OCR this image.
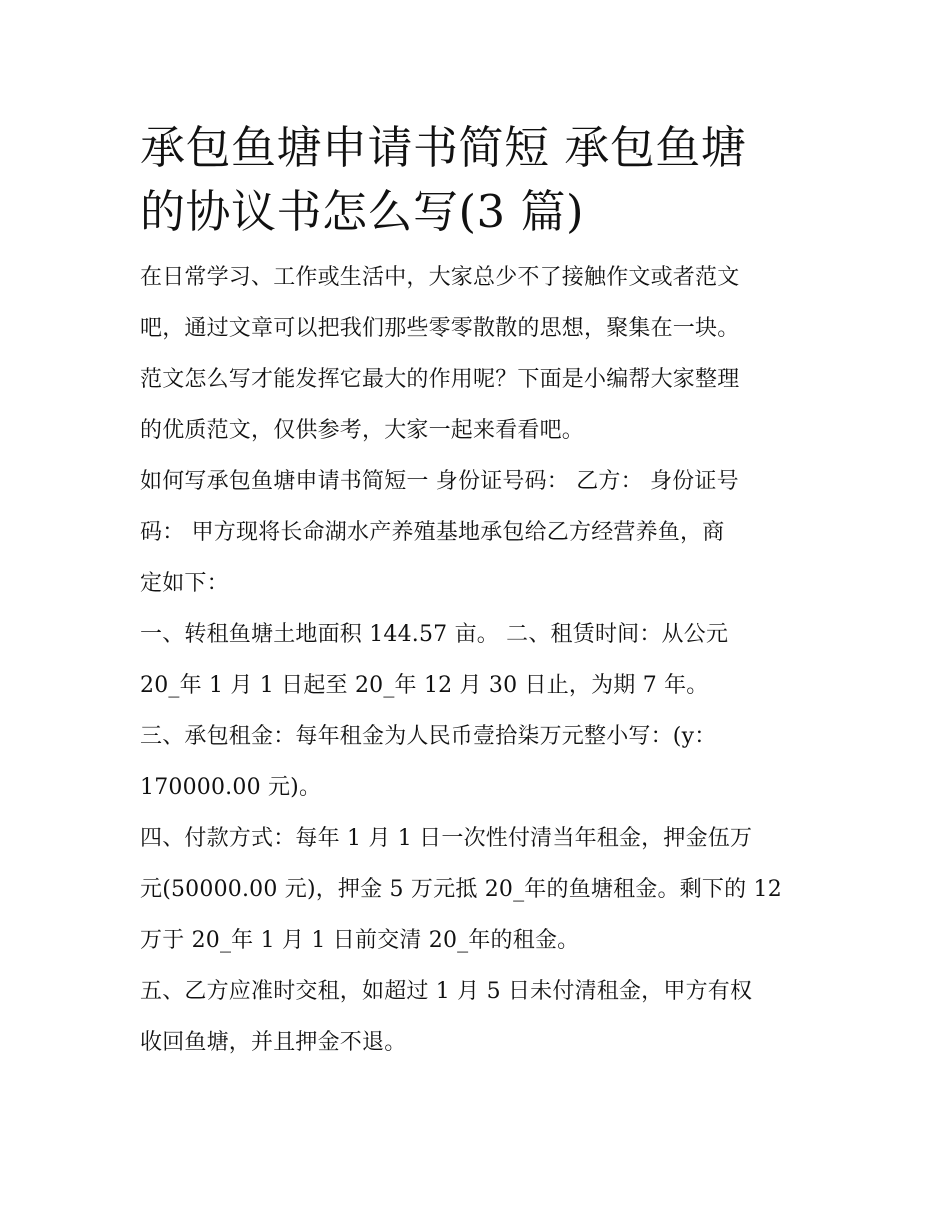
承包鱼塘申请书简短 承包鱼塘
的协议书怎么写(3 篇)

在日常学习、工作或生活中，大家总少不了接触作文或者范文
吧，通过文章可以把我们那些零零散散的思想，聚集在一块。
范文怎么写才能发挥它最大的作用呢？下面是小编帮大家整理
的优质范文，仅供参考，大家一起来看看吧。

如何写承包鱼塘申请书简短一 身份证号码： 乙方： 身份证号
码： 甲方现将长命湖水产养殖基地承包给乙方经营养鱼，商
定如下：

一、转租鱼塘土地面积 144.57 亩。 二、租赁时间：从公元
20_年 1 月 1 日起至 20_年 12 月 30 日止，为期 7 年。

三、承包租金：每年租金为人民币壹拾柒万元整小写：(y：
170000.00 元)。

四、付款方式：每年 1 月 1 日一次性付清当年租金，押金伍万
元(50000.00 元)，押金 5 万元抵 20_年的鱼塘租金。剩下的 12
万于 20_年 1 月 1 日前交清 20_年的租金。

五、乙方应准时交租，如超过 1 月 5 日未付清租金，甲方有权
收回鱼塘，并且押金不退。
